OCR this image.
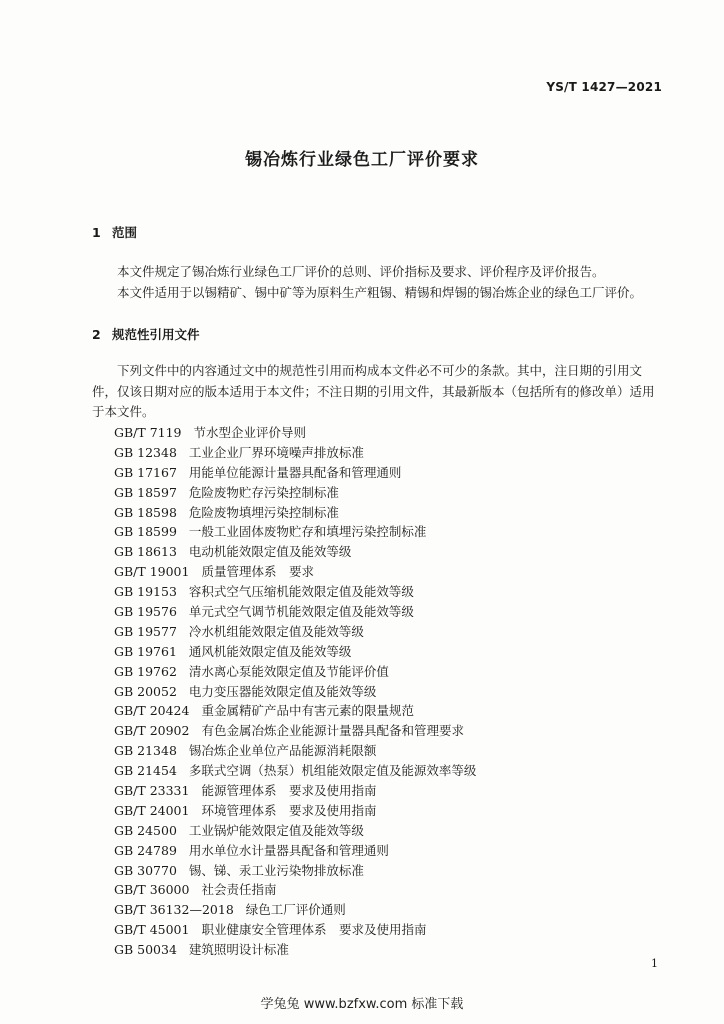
YS/T 1427—2021
锡冶炼行业绿色工厂评价要求
1 范围

本文件规定了锡冶炼行业绿色工厂评价的总则、评价指标及要求、评价程序及评价报告。

本文件适用于以锡精矿、锡中矿等为原料生产粗锡、精锡和焊锡的锡冶炼企业的绿色工厂评价。

2 规范性引用文件

下列文件中的内容通过文中的规范性引用而构成本文件必不可少的条款。其中，注日期的引用文件，仅该日期对应的版本适用于本文件；不注日期的引用文件，其最新版本（包括所有的修改单）适用于本文件。

GB/T 7119 节水型企业评价导则
GB 12348 工业企业厂界环境噪声排放标准
GB 17167 用能单位能源计量器具配备和管理通则
GB 18597 危险废物贮存污染控制标准
GB 18598 危险废物填埋污染控制标准
GB 18599 一般工业固体废物贮存和填埋污染控制标准
GB 18613 电动机能效限定值及能效等级
GB/T 19001 质量管理体系　要求
GB 19153 容积式空气压缩机能效限定值及能效等级
GB 19576 单元式空气调节机能效限定值及能效等级
GB 19577 冷水机组能效限定值及能效等级
GB 19761 通风机能效限定值及能效等级
GB 19762 清水离心泵能效限定值及节能评价值
GB 20052 电力变压器能效限定值及能效等级
GB/T 20424 重金属精矿产品中有害元素的限量规范
GB/T 20902 有色金属冶炼企业能源计量器具配备和管理要求
GB 21348 锡冶炼企业单位产品能源消耗限额
GB 21454 多联式空调（热泵）机组能效限定值及能源效率等级
GB/T 23331 能源管理体系　要求及使用指南
GB/T 24001 环境管理体系　要求及使用指南
GB 24500 工业锅炉能效限定值及能效等级
GB 24789 用水单位水计量器具配备和管理通则
GB 30770 锡、锑、汞工业污染物排放标准
GB/T 36000 社会责任指南
GB/T 36132—2018 绿色工厂评价通则
GB/T 45001 职业健康安全管理体系　要求及使用指南
GB 50034 建筑照明设计标准
1
学兔兔 www.bzfxw.com 标准下载
